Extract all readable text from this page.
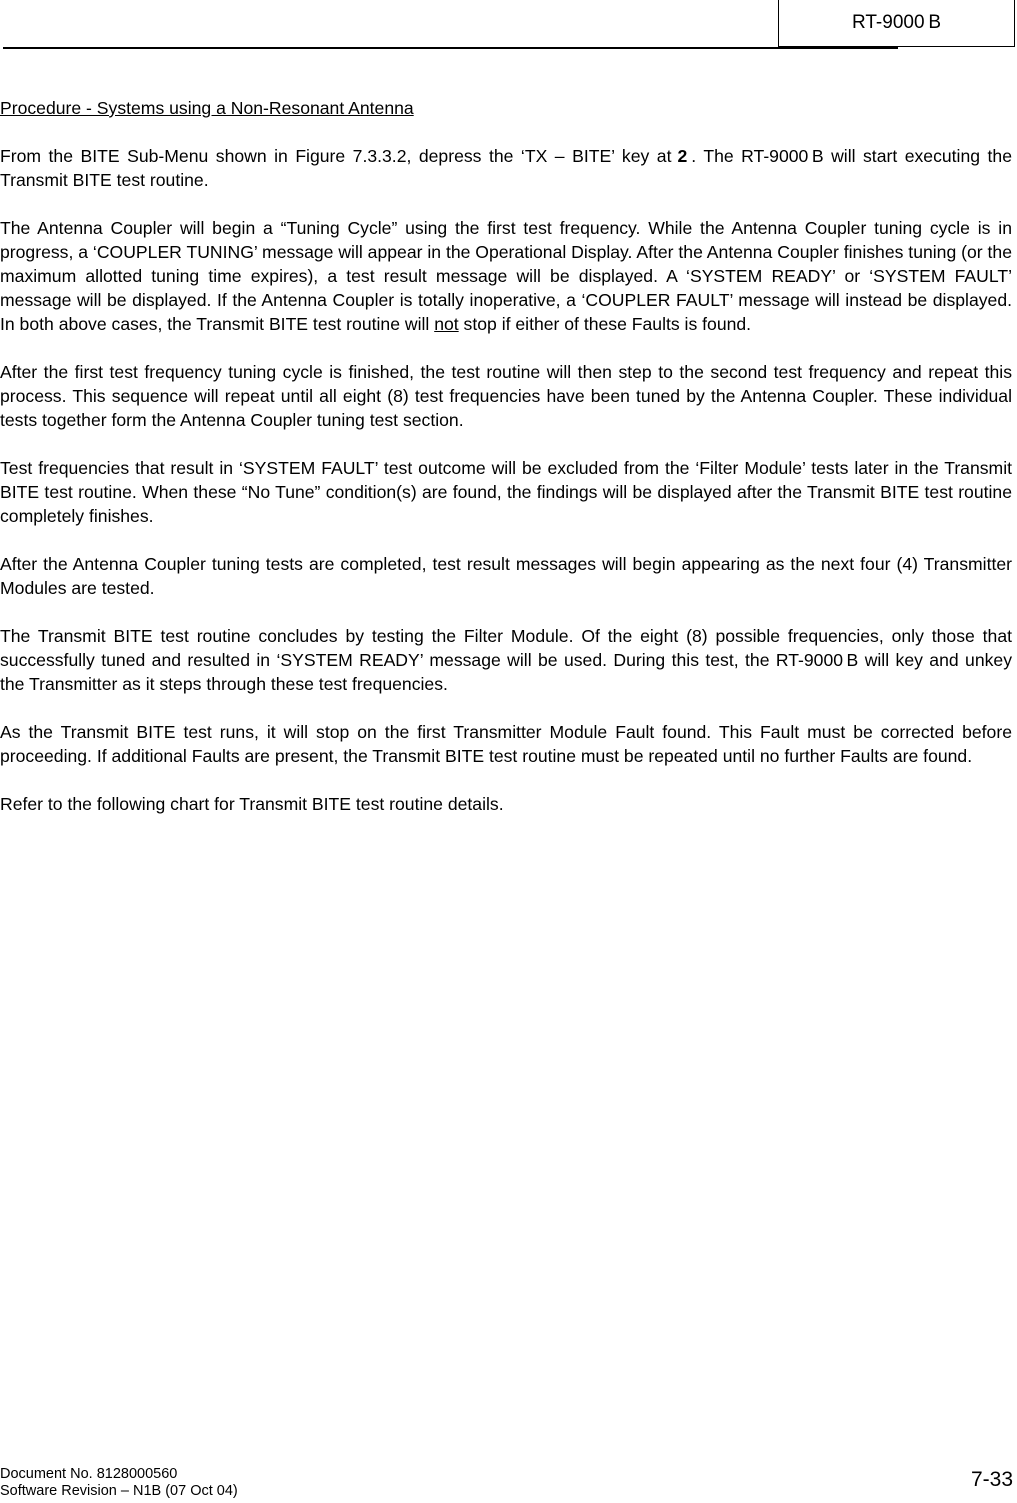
RT-9000 B
Procedure - Systems using a Non-Resonant Antenna

From the BITE Sub-Menu shown in Figure 7.3.3.2, depress the ‘TX – BITE’ key at 2 . The RT-9000 B will start executing the Transmit BITE test routine.

The Antenna Coupler will begin a “Tuning Cycle” using the first test frequency. While the Antenna Coupler tuning cycle is in progress, a ‘COUPLER TUNING’ message will appear in the Operational Display. After the Antenna Coupler finishes tuning (or the maximum allotted tuning time expires), a test result message will be displayed. A ‘SYSTEM READY’ or ‘SYSTEM FAULT’ message will be displayed. If the Antenna Coupler is totally inoperative, a ‘COUPLER FAULT’ message will instead be displayed. In both above cases, the Transmit BITE test routine will not stop if either of these Faults is found.

After the first test frequency tuning cycle is finished, the test routine will then step to the second test frequency and repeat this process. This sequence will repeat until all eight (8) test frequencies have been tuned by the Antenna Coupler. These individual tests together form the Antenna Coupler tuning test section.

Test frequencies that result in ‘SYSTEM FAULT’ test outcome will be excluded from the ‘Filter Module’ tests later in the Transmit BITE test routine. When these “No Tune” condition(s) are found, the findings will be displayed after the Transmit BITE test routine completely finishes.

After the Antenna Coupler tuning tests are completed, test result messages will begin appearing as the next four (4) Transmitter Modules are tested.

The Transmit BITE test routine concludes by testing the Filter Module. Of the eight (8) possible frequencies, only those that successfully tuned and resulted in ‘SYSTEM READY’ message will be used. During this test, the RT-9000 B will key and unkey the Transmitter as it steps through these test frequencies.

As the Transmit BITE test runs, it will stop on the first Transmitter Module Fault found. This Fault must be corrected before proceeding. If additional Faults are present, the Transmit BITE test routine must be repeated until no further Faults are found.

Refer to the following chart for Transmit BITE test routine details.

Document No. 8128000560
Software Revision – N1B (07 Oct 04)	7-33
